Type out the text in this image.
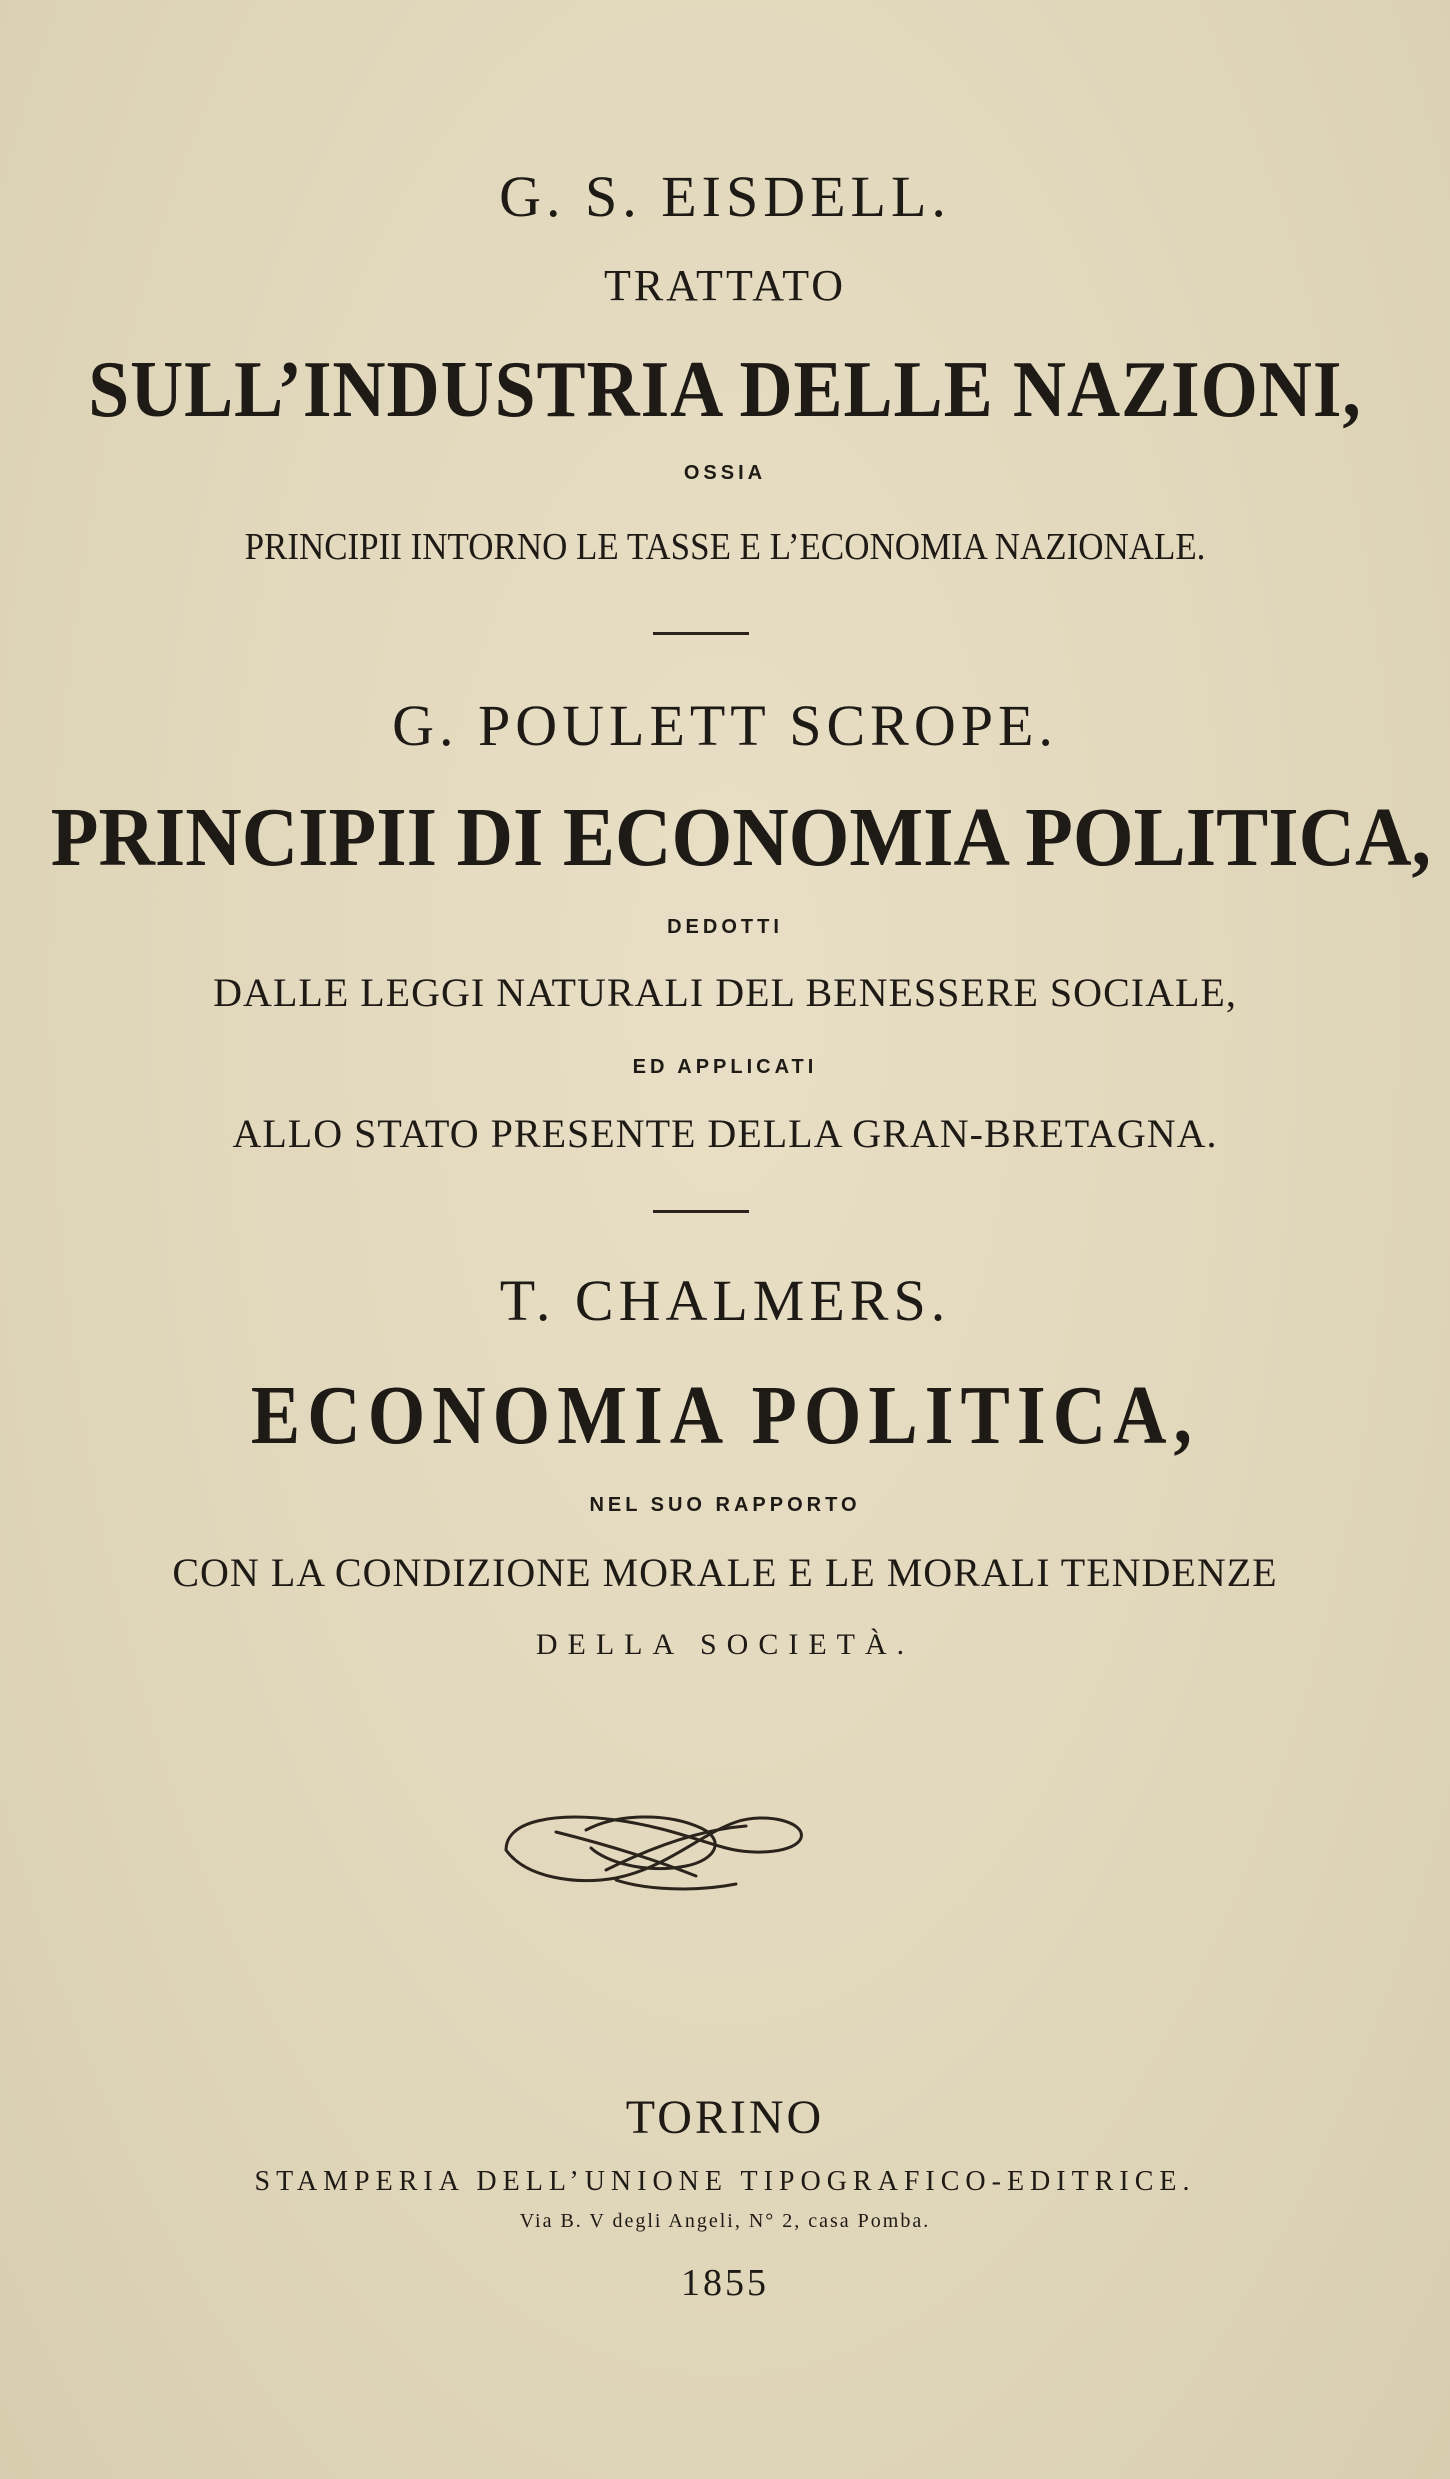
G. S. EISDELL.
TRATTATO
SULL’INDUSTRIA DELLE NAZIONI,
OSSIA
PRINCIPII INTORNO LE TASSE E L’ECONOMIA NAZIONALE.
G. POULETT SCROPE.
PRINCIPII DI ECONOMIA POLITICA,
DEDOTTI
DALLE LEGGI NATURALI DEL BENESSERE SOCIALE,
ED APPLICATI
ALLO STATO PRESENTE DELLA GRAN-BRETAGNA.
T. CHALMERS.
ECONOMIA POLITICA,
NEL SUO RAPPORTO
CON LA CONDIZIONE MORALE E LE MORALI TENDENZE
DELLA SOCIETÀ.
TORINO
STAMPERIA DELL’UNIONE TIPOGRAFICO-EDITRICE.
Via B. V degli Angeli, N° 2, casa Pomba.
1855
